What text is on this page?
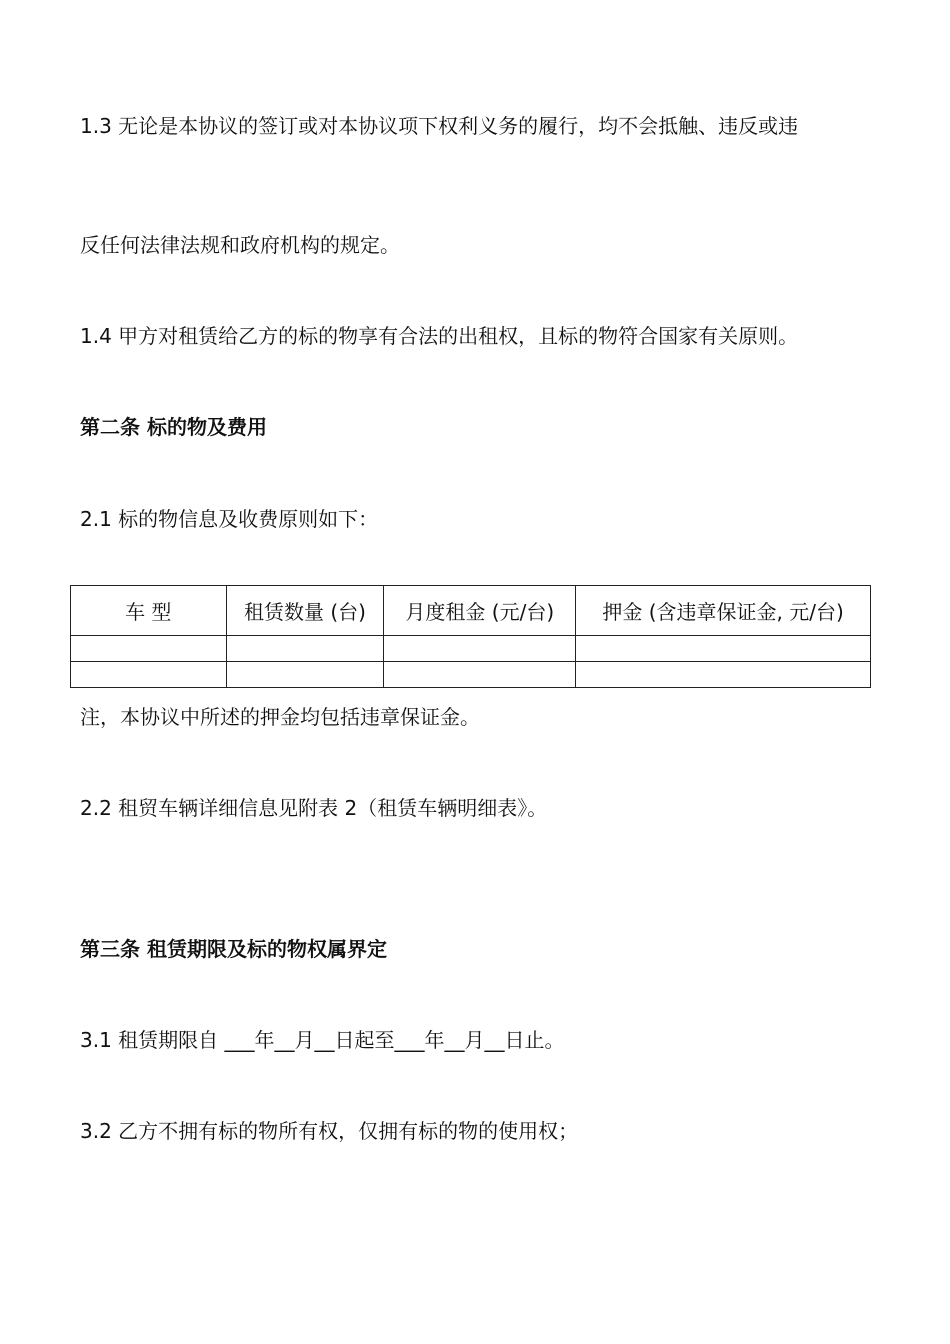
1.3 无论是本协议的签订或对本协议项下权利义务的履行，均不会抵触、违反或违
反任何法律法规和政府机构的规定。
1.4 甲方对租赁给乙方的标的物享有合法的出租权，且标的物符合国家有关原则。
第二条 标的物及费用
2.1 标的物信息及收费原则如下：
车 型	租赁数量 (台)	月度租金 (元/台)	押金 (含违章保证金, 元/台)

注，本协议中所述的押金均包括违章保证金。
2.2 租贸车辆详细信息见附表 2（租赁车辆明细表》。
第三条 租赁期限及标的物权属界定
3.1 租赁期限自 ___年__月__日起至___年__月__日止。
3.2 乙方不拥有标的物所有权，仅拥有标的物的使用权；
